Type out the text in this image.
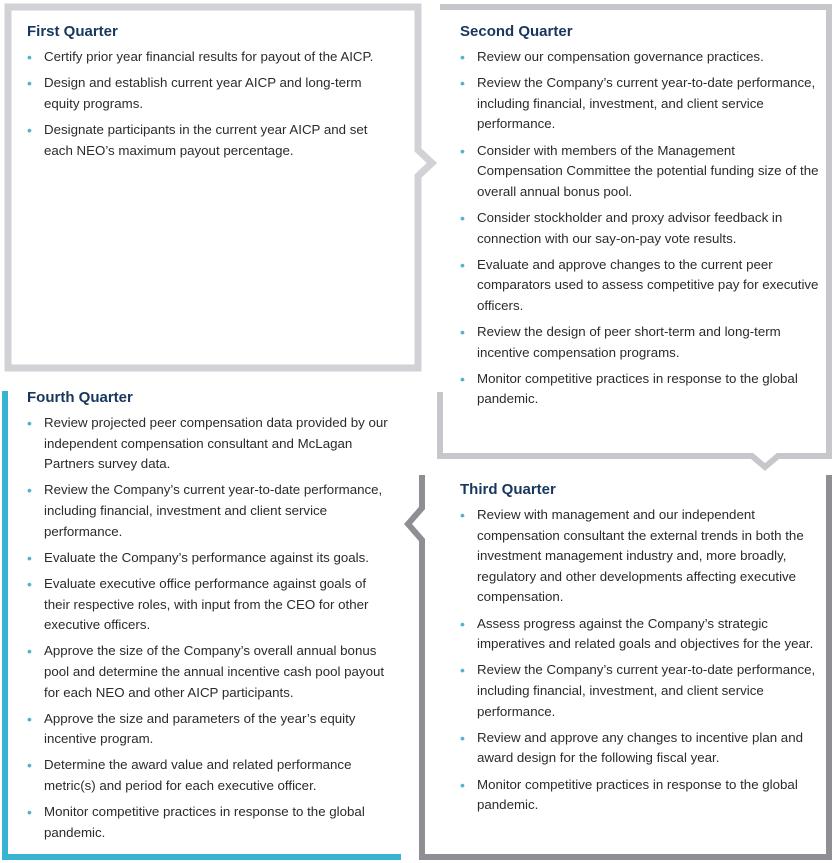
First Quarter
• Certify prior year financial results for payout of the AICP.
• Design and establish current year AICP and long-term equity programs.
• Designate participants in the current year AICP and set each NEO’s maximum payout percentage.
Second Quarter
• Review our compensation governance practices.
• Review the Company’s current year-to-date performance, including financial, investment, and client service performance.
• Consider with members of the Management Compensation Committee the potential funding size of the overall annual bonus pool.
• Consider stockholder and proxy advisor feedback in connection with our say-on-pay vote results.
• Evaluate and approve changes to the current peer comparators used to assess competitive pay for executive officers.
• Review the design of peer short-term and long-term incentive compensation programs.
• Monitor competitive practices in response to the global pandemic.
Fourth Quarter
• Review projected peer compensation data provided by our independent compensation consultant and McLagan Partners survey data.
• Review the Company’s current year-to-date performance, including financial, investment and client service performance.
• Evaluate the Company’s performance against its goals.
• Evaluate executive office performance against goals of their respective roles, with input from the CEO for other executive officers.
• Approve the size of the Company’s overall annual bonus pool and determine the annual incentive cash pool payout for each NEO and other AICP participants.
• Approve the size and parameters of the year’s equity incentive program.
• Determine the award value and related performance metric(s) and period for each executive officer.
• Monitor competitive practices in response to the global pandemic.
Third Quarter
• Review with management and our independent compensation consultant the external trends in both the investment management industry and, more broadly, regulatory and other developments affecting executive compensation.
• Assess progress against the Company’s strategic imperatives and related goals and objectives for the year.
• Review the Company’s current year-to-date performance, including financial, investment, and client service performance.
• Review and approve any changes to incentive plan and award design for the following fiscal year.
• Monitor competitive practices in response to the global pandemic.
